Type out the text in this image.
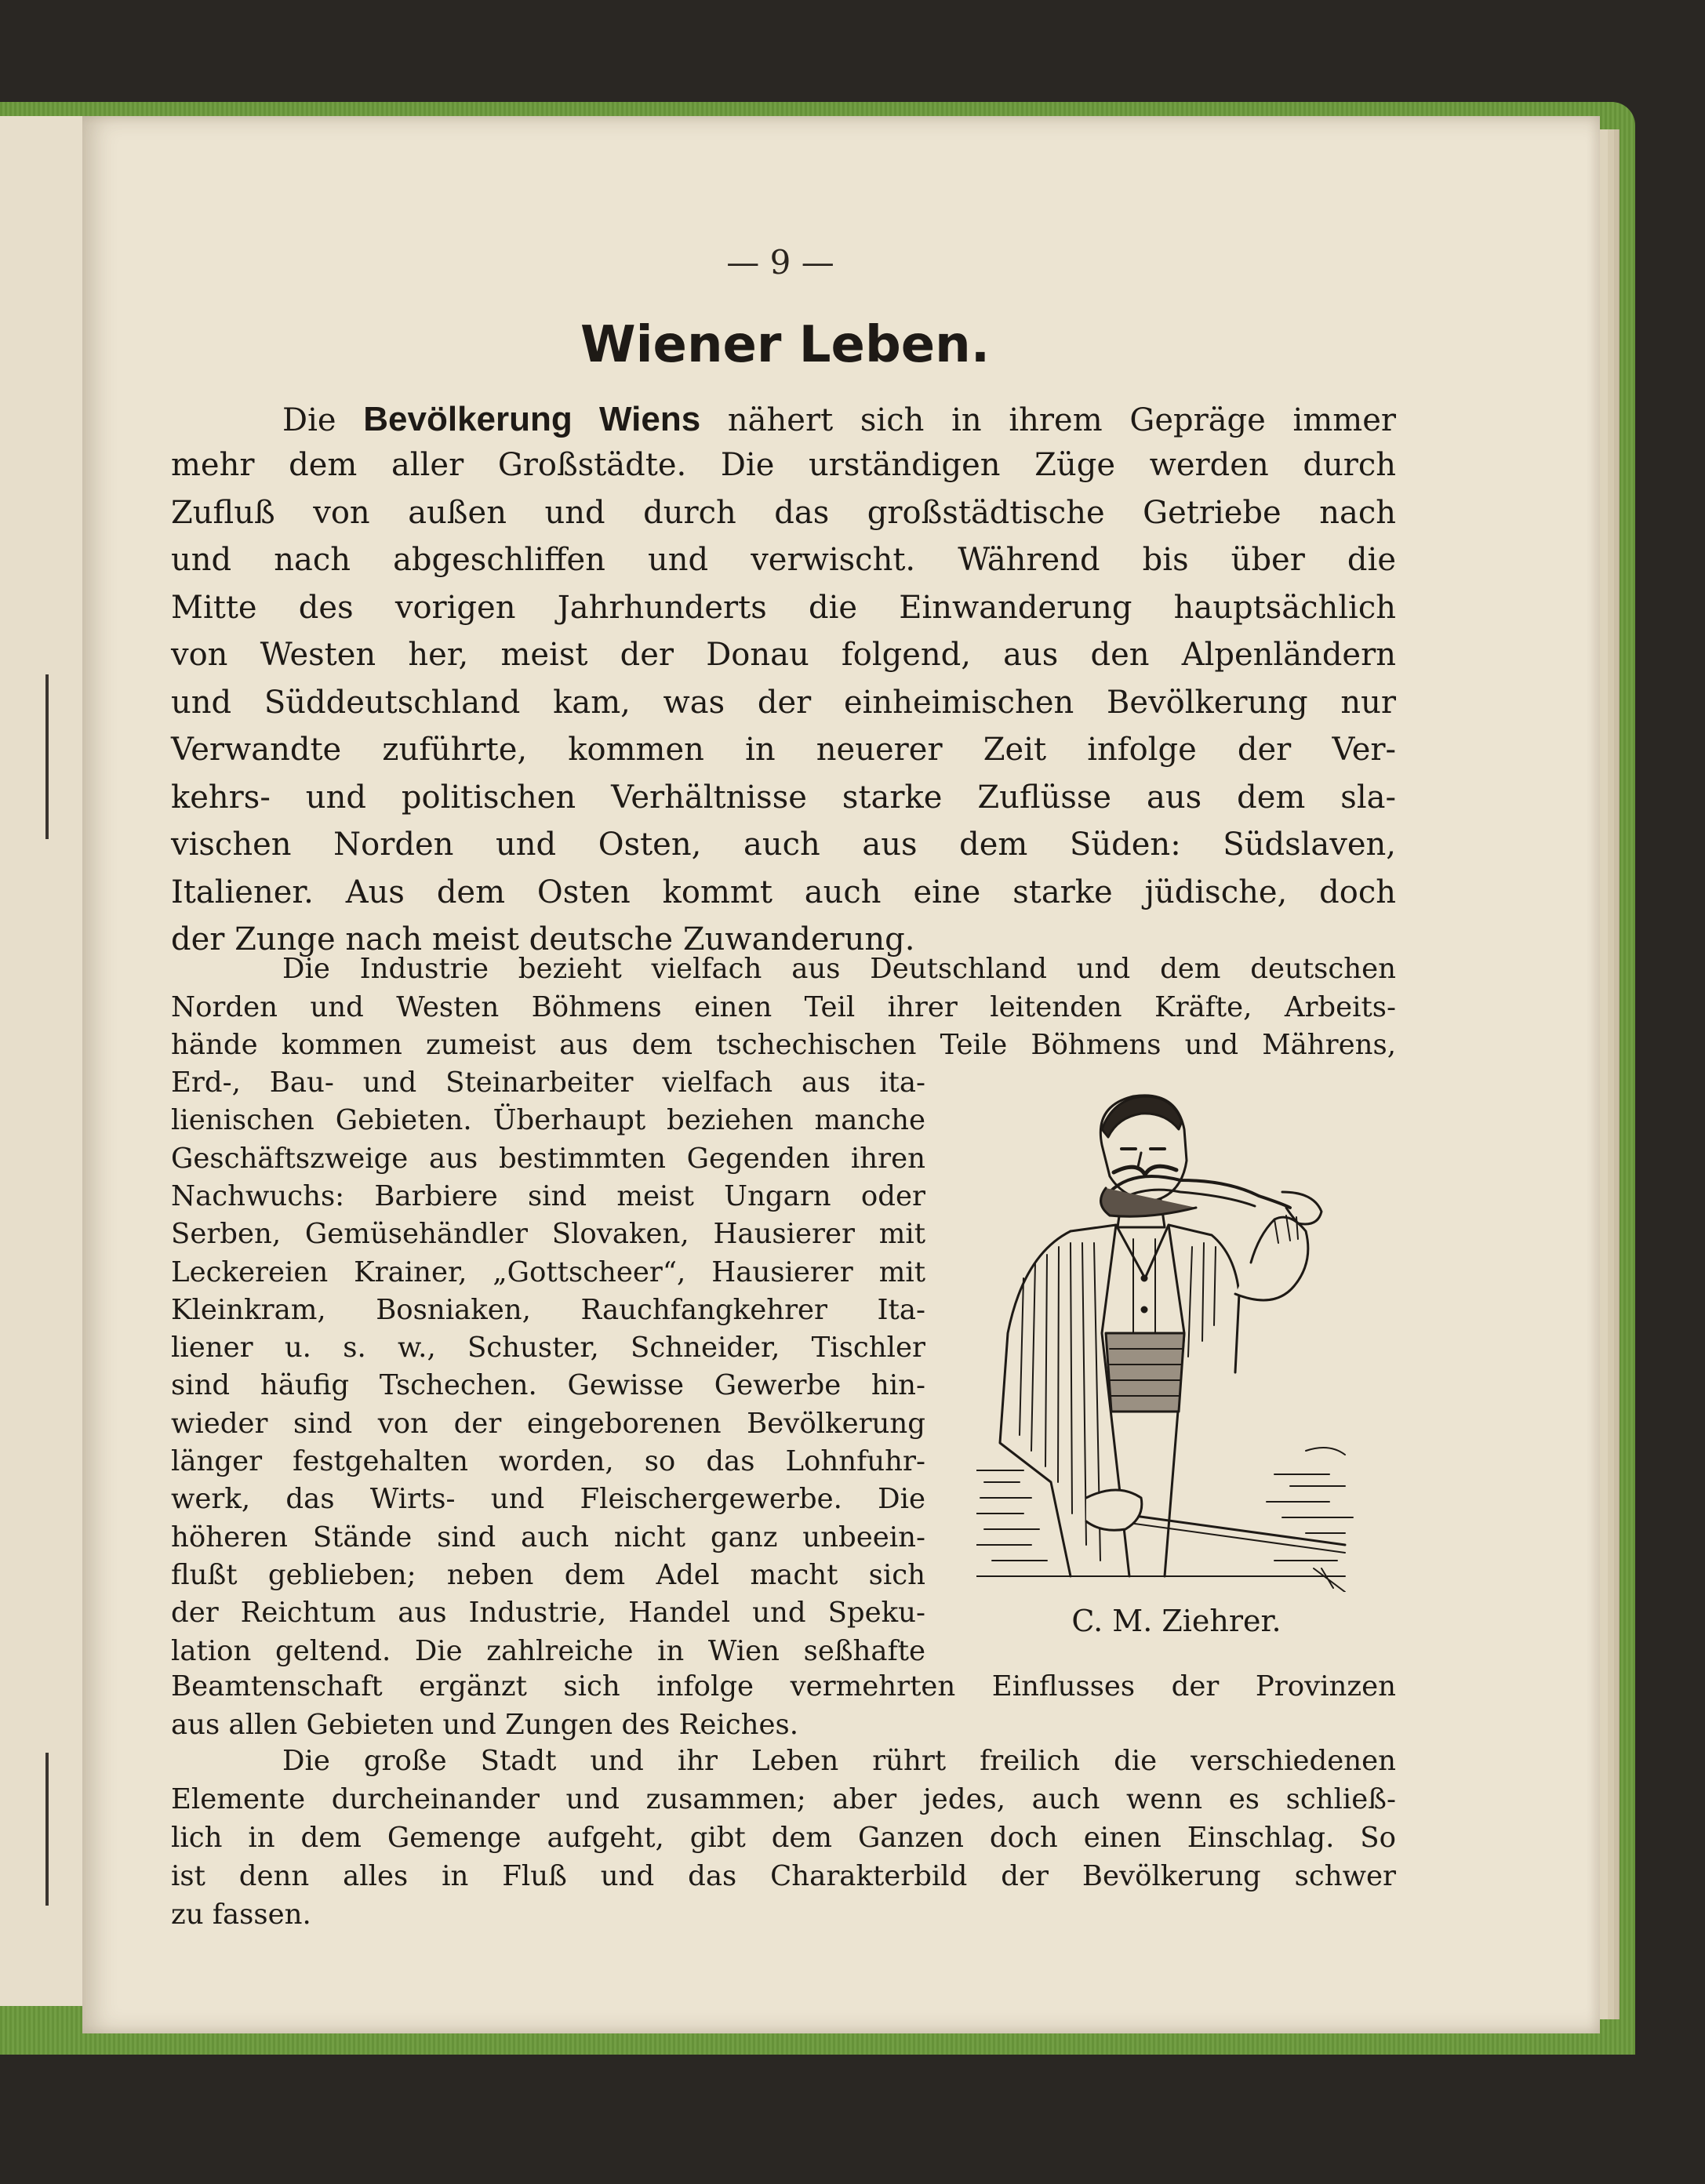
— 9 —
Wiener Leben.
Die Bevölkerung Wiens nähert sich in ihrem Gepräge immer
mehr dem aller Großstädte. Die urständigen Züge werden durch
Zufluß von außen und durch das großstädtische Getriebe nach
und nach abgeschliffen und verwischt. Während bis über die
Mitte des vorigen Jahrhunderts die Einwanderung hauptsächlich
von Westen her, meist der Donau folgend, aus den Alpenländern
und Süddeutschland kam, was der einheimischen Bevölkerung nur
Verwandte zuführte, kommen in neuerer Zeit infolge der Ver-
kehrs- und politischen Verhältnisse starke Zuflüsse aus dem sla-
vischen Norden und Osten, auch aus dem Süden: Südslaven,
Italiener. Aus dem Osten kommt auch eine starke jüdische, doch
der Zunge nach meist deutsche Zuwanderung.
Die Industrie bezieht vielfach aus Deutschland und dem deutschen
Norden und Westen Böhmens einen Teil ihrer leitenden Kräfte, Arbeits-
hände kommen zumeist aus dem tschechischen Teile Böhmens und Mährens,
Erd-, Bau- und Steinarbeiter vielfach aus ita-
lienischen Gebieten. Überhaupt beziehen manche
Geschäftszweige aus bestimmten Gegenden ihren
Nachwuchs: Barbiere sind meist Ungarn oder
Serben, Gemüsehändler Slovaken, Hausierer mit
Leckereien Krainer, „Gottscheer“, Hausierer mit
Kleinkram, Bosniaken, Rauchfangkehrer Ita-
liener u. s. w., Schuster, Schneider, Tischler
sind häufig Tschechen. Gewisse Gewerbe hin-
wieder sind von der eingeborenen Bevölkerung
länger festgehalten worden, so das Lohnfuhr-
werk, das Wirts- und Fleischergewerbe. Die
höheren Stände sind auch nicht ganz unbeein-
flußt geblieben; neben dem Adel macht sich
der Reichtum aus Industrie, Handel und Speku-
lation geltend. Die zahlreiche in Wien seßhafte
Beamtenschaft ergänzt sich infolge vermehrten Einflusses der Provinzen
aus allen Gebieten und Zungen des Reiches.
C. M. Ziehrer.
Die große Stadt und ihr Leben rührt freilich die verschiedenen
Elemente durcheinander und zusammen; aber jedes, auch wenn es schließ-
lich in dem Gemenge aufgeht, gibt dem Ganzen doch einen Einschlag. So
ist denn alles in Fluß und das Charakterbild der Bevölkerung schwer
zu fassen.
